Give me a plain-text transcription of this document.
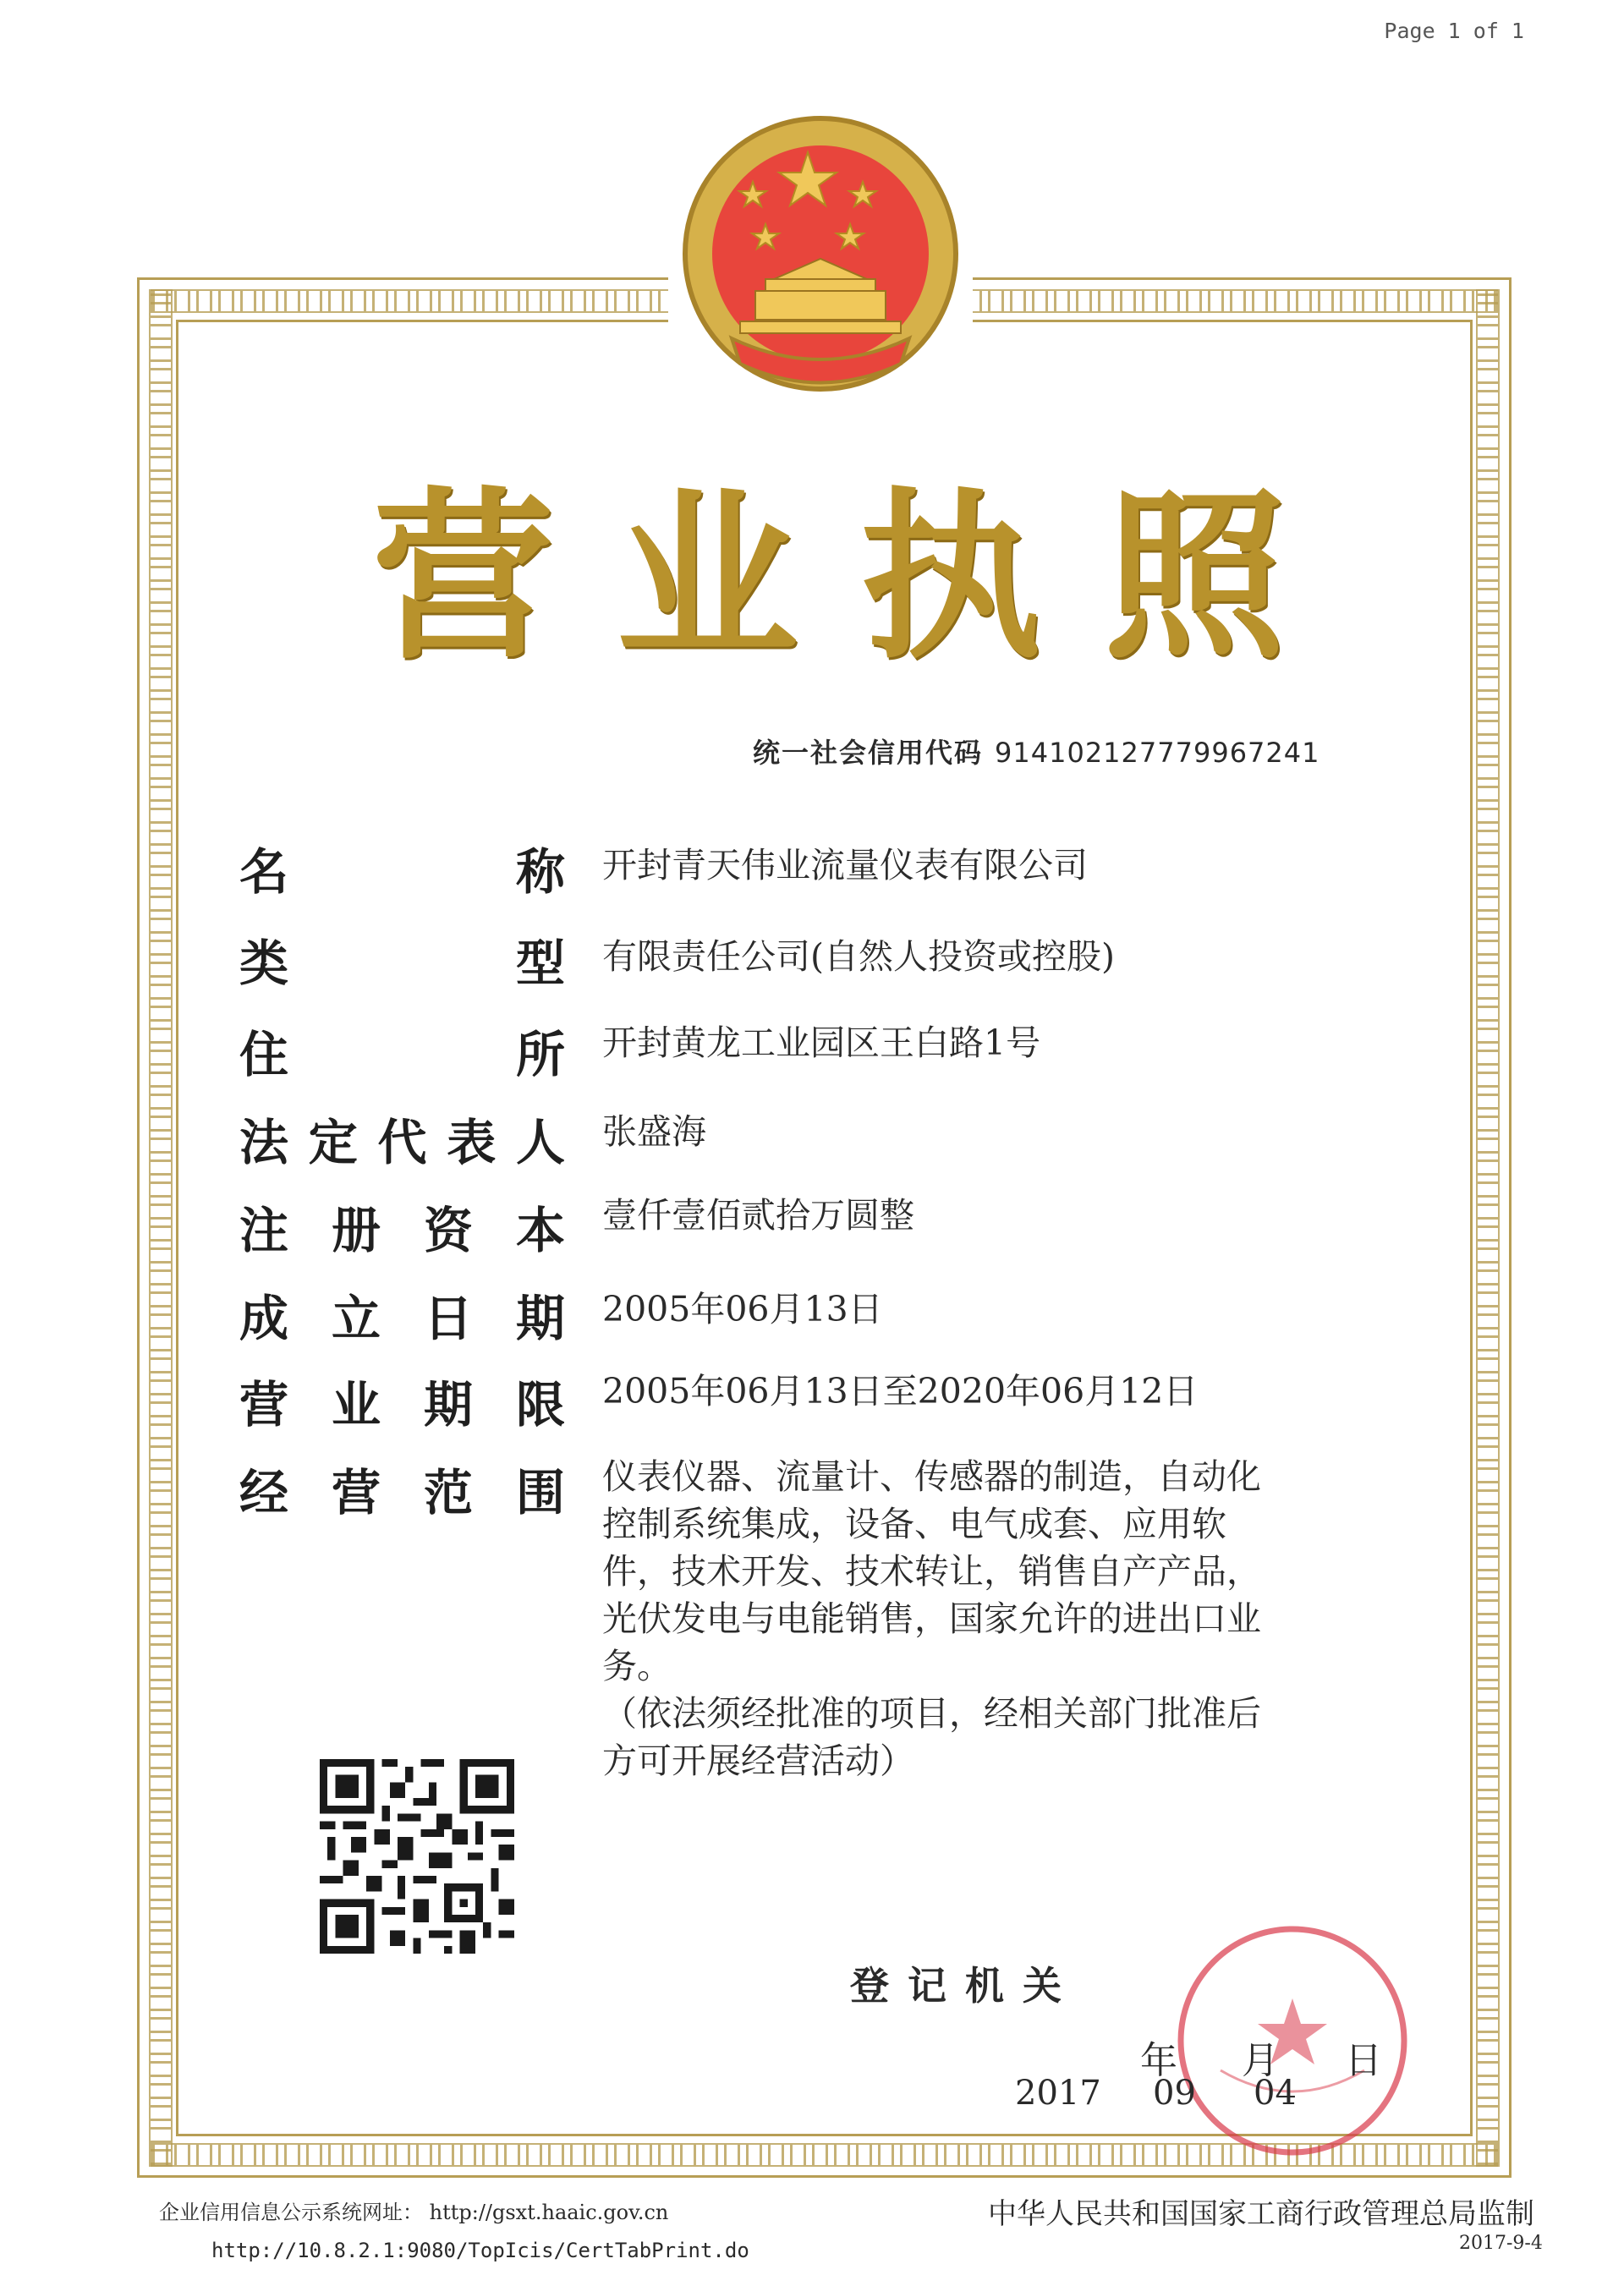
Page 1 of 1
营 业 执 照
统一社会信用代码 914102127779967241
名	称 开封青天伟业流量仪表有限公司
类	型 有限责任公司(自然人投资或控股)
住	所 开封黄龙工业园区王白路1号
法 定 代 表 人 张盛海
注 册 资 本 壹仟壹佰贰拾万圆整
成 立 日 期 2005年06月13日
营 业 期 限 2005年06月13日至2020年06月12日
经 营 范 围 仪表仪器、流量计、传感器的制造，自动化
控制系统集成，设备、电气成套、应用软
件，技术开发、技术转让，销售自产产品，
光伏发电与电能销售，国家允许的进出口业
务。
（依法须经批准的项目，经相关部门批准后
方可开展经营活动）
登记机关
年 月 日
2017 09 04
企业信用信息公示系统网址： http://gsxt.haaic.gov.cn
http://10.8.2.1:9080/TopIcis/CertTabPrint.do
中华人民共和国国家工商行政管理总局监制
2017-9-4
